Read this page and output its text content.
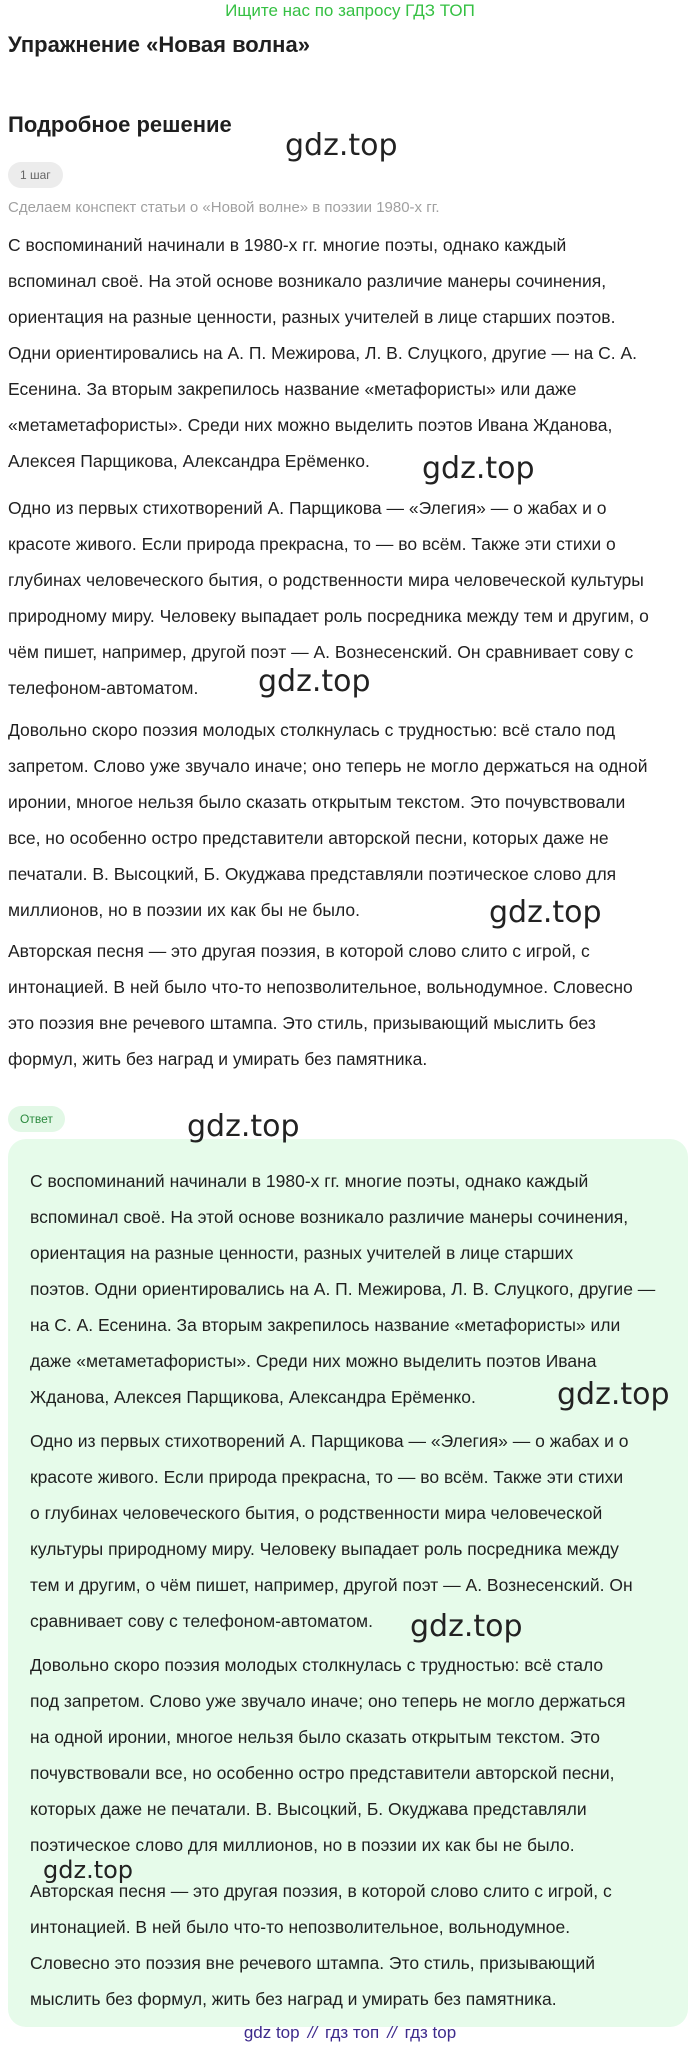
Ищите нас по запросу ГДЗ ТОП
Упражнение «Новая волна»
Подробное решение
1 шаг
Сделаем конспект статьи о «Новой волне» в поэзии 1980-х гг.

С воспоминаний начинали в 1980-х гг. многие поэты, однако каждый

вспоминал своё. На этой основе возникало различие манеры сочинения,

ориентация на разные ценности, разных учителей в лице старших поэтов.

Одни ориентировались на А. П. Межирова, Л. В. Слуцкого, другие — на С. А.

Есенина. За вторым закрепилось название «метафористы» или даже

«метаметафористы». Среди них можно выделить поэтов Ивана Жданова,

Алексея Парщикова, Александра Ерёменко.

Одно из первых стихотворений А. Парщикова — «Элегия» — о жабах и о

красоте живого. Если природа прекрасна, то — во всём. Также эти стихи о

глубинах человеческого бытия, о родственности мира человеческой культуры

природному миру. Человеку выпадает роль посредника между тем и другим, о

чём пишет, например, другой поэт — А. Вознесенский. Он сравнивает сову с

телефоном-автоматом.

Довольно скоро поэзия молодых столкнулась с трудностью: всё стало под

запретом. Слово уже звучало иначе; оно теперь не могло держаться на одной

иронии, многое нельзя было сказать открытым текстом. Это почувствовали

все, но особенно остро представители авторской песни, которых даже не

печатали. В. Высоцкий, Б. Окуджава представляли поэтическое слово для

миллионов, но в поэзии их как бы не было.

Авторская песня — это другая поэзия, в которой слово слито с игрой, с

интонацией. В ней было что-то непозволительное, вольнодумное. Словесно

это поэзия вне речевого штампа. Это стиль, призывающий мыслить без

формул, жить без наград и умирать без памятника.

Ответ

С воспоминаний начинали в 1980-х гг. многие поэты, однако каждый

вспоминал своё. На этой основе возникало различие манеры сочинения,

ориентация на разные ценности, разных учителей в лице старших

поэтов. Одни ориентировались на А. П. Межирова, Л. В. Слуцкого, другие —

на С. А. Есенина. За вторым закрепилось название «метафористы» или

даже «метаметафористы». Среди них можно выделить поэтов Ивана

Жданова, Алексея Парщикова, Александра Ерёменко.

Одно из первых стихотворений А. Парщикова — «Элегия» — о жабах и о

красоте живого. Если природа прекрасна, то — во всём. Также эти стихи

о глубинах человеческого бытия, о родственности мира человеческой

культуры природному миру. Человеку выпадает роль посредника между

тем и другим, о чём пишет, например, другой поэт — А. Вознесенский. Он

сравнивает сову с телефоном-автоматом.

Довольно скоро поэзия молодых столкнулась с трудностью: всё стало

под запретом. Слово уже звучало иначе; оно теперь не могло держаться

на одной иронии, многое нельзя было сказать открытым текстом. Это

почувствовали все, но особенно остро представители авторской песни,

которых даже не печатали. В. Высоцкий, Б. Окуджава представляли

поэтическое слово для миллионов, но в поэзии их как бы не было.

Авторская песня — это другая поэзия, в которой слово слито с игрой, с

интонацией. В ней было что-то непозволительное, вольнодумное.

Словесно это поэзия вне речевого штампа. Это стиль, призывающий

мыслить без формул, жить без наград и умирать без памятника.

gdz.top
gdz.top
gdz.top
gdz.top
gdz.top
gdz.top
gdz.top
gdz.top
gdz top // гдз топ // гдз top
